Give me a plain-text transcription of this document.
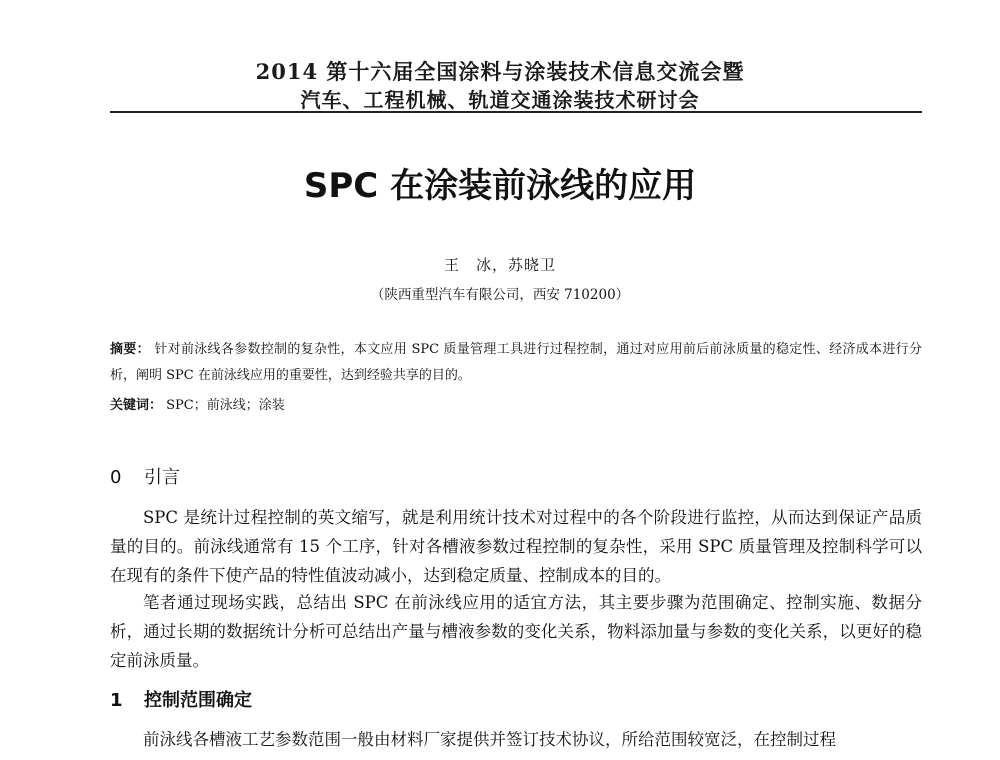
2014 第十六届全国涂料与涂装技术信息交流会暨
汽车、工程机械、轨道交通涂装技术研讨会
SPC 在涂装前泳线的应用
王　冰，苏晓卫
（陕西重型汽车有限公司，西安 710200）
摘要： 针对前泳线各参数控制的复杂性，本文应用 SPC 质量管理工具进行过程控制，通过对应用前后前泳质量的稳定性、经济成本进行分析，阐明 SPC 在前泳线应用的重要性，达到经验共享的目的。
关键词： SPC；前泳线；涂装
0 引言

SPC 是统计过程控制的英文缩写，就是利用统计技术对过程中的各个阶段进行监控，从而达到保证产品质量的目的。前泳线通常有 15 个工序，针对各槽液参数过程控制的复杂性，采用 SPC 质量管理及控制科学可以在现有的条件下使产品的特性值波动减小，达到稳定质量、控制成本的目的。

笔者通过现场实践，总结出 SPC 在前泳线应用的适宜方法，其主要步骤为范围确定、控制实施、数据分析，通过长期的数据统计分析可总结出产量与槽液参数的变化关系，物料添加量与参数的变化关系，以更好的稳定前泳质量。

1 控制范围确定

前泳线各槽液工艺参数范围一般由材料厂家提供并签订技术协议，所给范围较宽泛，在控制过程
